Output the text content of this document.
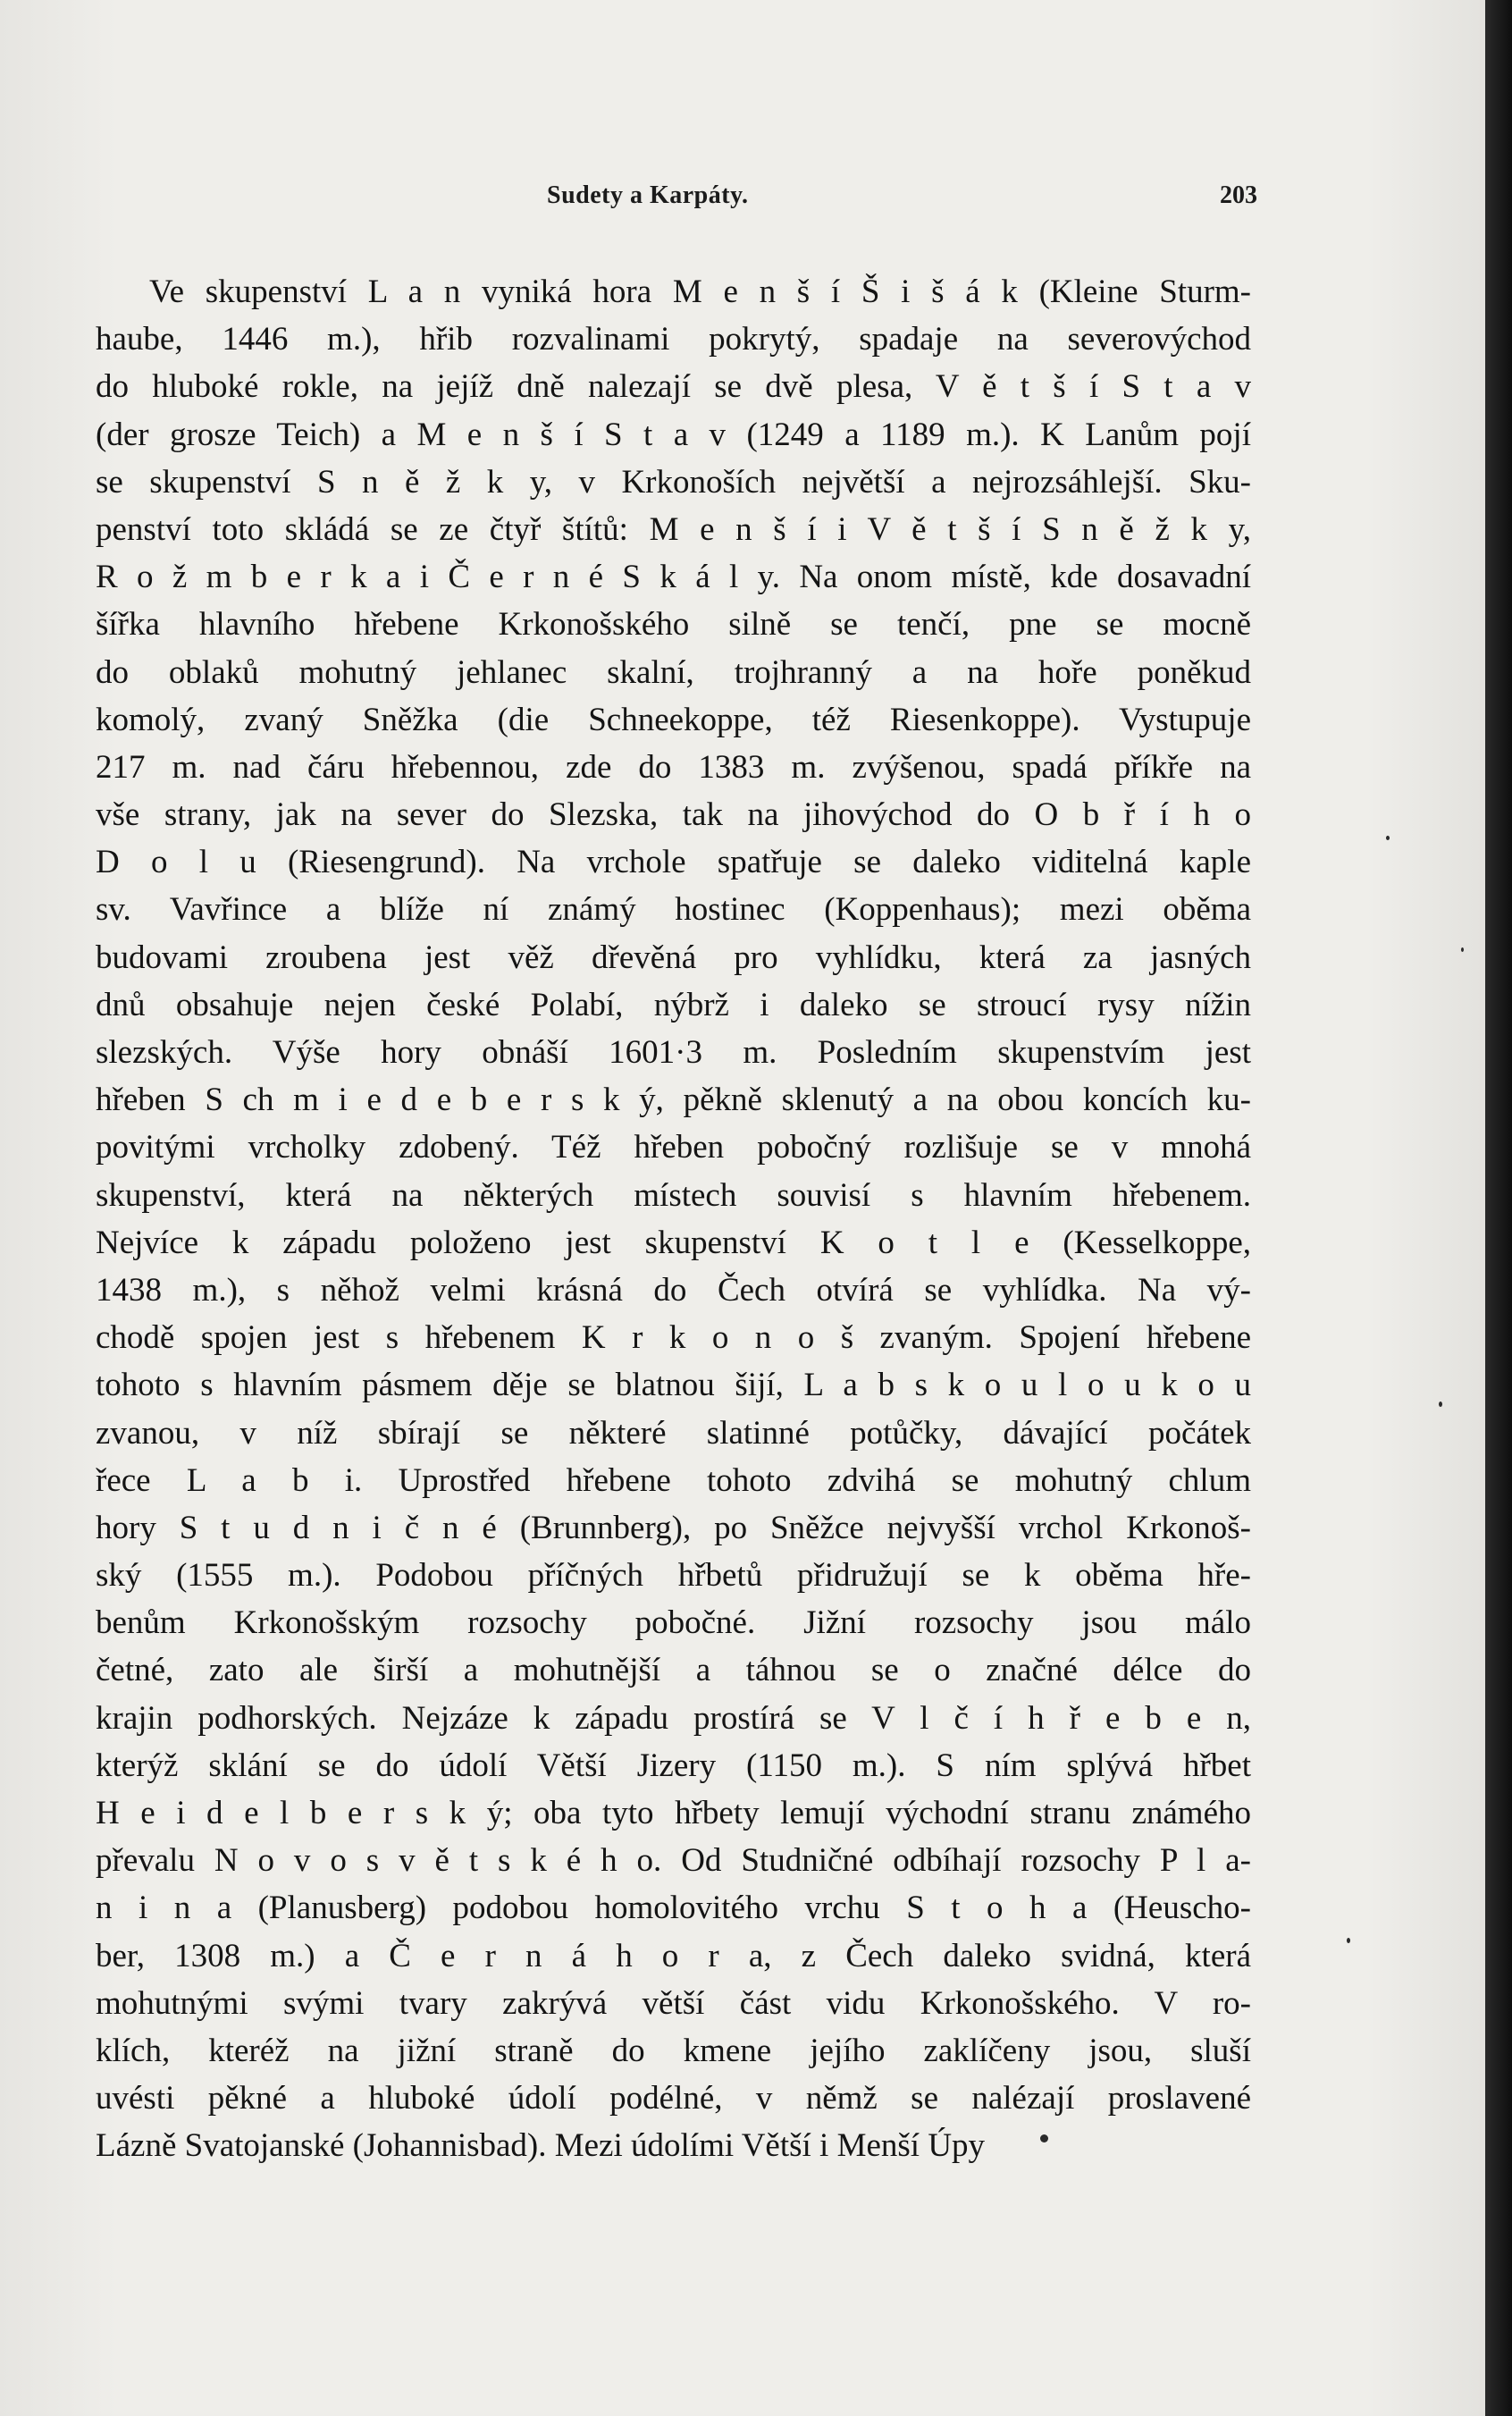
Sudety a Karpáty.	203
Ve skupenství L a n vyniká hora M e n š í Š i š á k (Kleine Sturm-
haube, 1446 m.), hřib rozvalinami pokrytý, spadaje na severovýchod
do hluboké rokle, na jejíž dně nalezají se dvě plesa, V ě t š í S t a v
(der grosze Teich) a M e n š í S t a v (1249 a 1189 m.). K Lanům pojí
se skupenství S n ě ž k y, v Krkonoších největší a nejrozsáhlejší. Sku-
penství toto skládá se ze čtyř štítů: M e n š í i V ě t š í S n ě ž k y,
R o ž m b e r k a i Č e r n é S k á l y. Na onom místě, kde dosavadní
šířka hlavního hřebene Krkonošského silně se tenčí, pne se mocně
do oblaků mohutný jehlanec skalní, trojhranný a na hoře poněkud
komolý, zvaný Sněžka (die Schneekoppe, též Riesenkoppe). Vystupuje
217 m. nad čáru hřebennou, zde do 1383 m. zvýšenou, spadá příkře na
vše strany, jak na sever do Slezska, tak na jihovýchod do O b ř í h o
D o l u (Riesengrund). Na vrchole spatřuje se daleko viditelná kaple
sv. Vavřince a blíže ní známý hostinec (Koppenhaus); mezi oběma
budovami zroubena jest věž dřevěná pro vyhlídku, která za jasných
dnů obsahuje nejen české Polabí, nýbrž i daleko se stroucí rysy nížin
slezských. Výše hory obnáší 1601·3 m. Posledním skupenstvím jest
hřeben S ch m i e d e b e r s k ý, pěkně sklenutý a na obou koncích ku-
povitými vrcholky zdobený. Též hřeben pobočný rozlišuje se v mnohá
skupenství, která na některých místech souvisí s hlavním hřebenem.
Nejvíce k západu položeno jest skupenství K o t l e (Kesselkoppe,
1438 m.), s něhož velmi krásná do Čech otvírá se vyhlídka. Na vý-
chodě spojen jest s hřebenem K r k o n o š zvaným. Spojení hřebene
tohoto s hlavním pásmem děje se blatnou šijí, L a b s k o u l o u k o u
zvanou, v níž sbírají se některé slatinné potůčky, dávající počátek
řece L a b i. Uprostřed hřebene tohoto zdvihá se mohutný chlum
hory S t u d n i č n é (Brunnberg), po Sněžce nejvyšší vrchol Krkonoš-
ský (1555 m.). Podobou příčných hřbetů přidružují se k oběma hře-
benům Krkonošským rozsochy pobočné. Jižní rozsochy jsou málo
četné, zato ale širší a mohutnější a táhnou se o značné délce do
krajin podhorských. Nejzáze k západu prostírá se V l č í h ř e b e n,
kterýž sklání se do údolí Větší Jizery (1150 m.). S ním splývá hřbet
H e i d e l b e r s k ý; oba tyto hřbety lemují východní stranu známého
převalu N o v o s v ě t s k é h o. Od Studničné odbíhají rozsochy P l a-
n i n a (Planusberg) podobou homolovitého vrchu S t o h a (Heuschо-
ber, 1308 m.) a Č e r n á h o r a, z Čech daleko svidná, která
mohutnými svými tvary zakrývá větší část vidu Krkonošského. V ro-
klích, kteréž na jižní straně do kmene jejího zaklíčeny jsou, sluší
uvésti pěkné a hluboké údolí podélné, v němž se nalézají proslavené
Lázně Svatojanské (Johannisbad). Mezi údolími Větší i Menší Úpy
